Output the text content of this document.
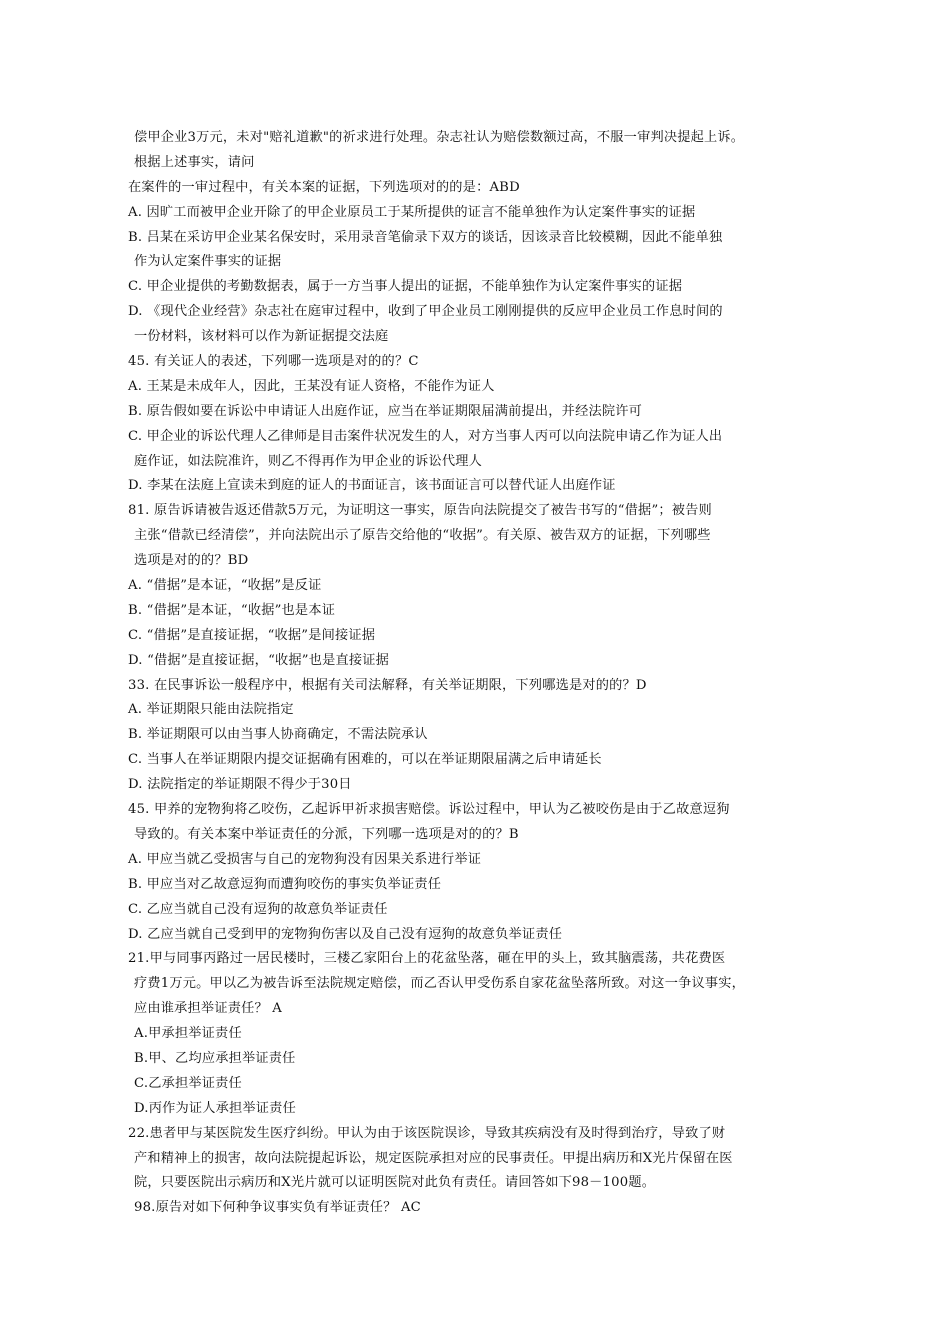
偿甲企业3万元，未对"赔礼道歉"的祈求进行处理。杂志社认为赔偿数额过高，不服一审判决提起上诉。
根据上述事实，请问
在案件的一审过程中，有关本案的证据，下列选项对的的是：ABD
A. 因旷工而被甲企业开除了的甲企业原员工于某所提供的证言不能单独作为认定案件事实的证据
B. 吕某在采访甲企业某名保安时，采用录音笔偷录下双方的谈话，因该录音比较模糊，因此不能单独
作为认定案件事实的证据
C. 甲企业提供的考勤数据表，属于一方当事人提出的证据，不能单独作为认定案件事实的证据
D. 《现代企业经营》杂志社在庭审过程中，收到了甲企业员工刚刚提供的反应甲企业员工作息时间的
一份材料，该材料可以作为新证据提交法庭
45. 有关证人的表述，下列哪一选项是对的的？C
A. 王某是未成年人，因此，王某没有证人资格，不能作为证人
B. 原告假如要在诉讼中申请证人出庭作证，应当在举证期限届满前提出，并经法院许可
C. 甲企业的诉讼代理人乙律师是目击案件状况发生的人，对方当事人丙可以向法院申请乙作为证人出
庭作证，如法院准许，则乙不得再作为甲企业的诉讼代理人
D. 李某在法庭上宣读未到庭的证人的书面证言，该书面证言可以替代证人出庭作证
81. 原告诉请被告返还借款5万元，为证明这一事实，原告向法院提交了被告书写的“借据”；被告则
主张“借款已经清偿”，并向法院出示了原告交给他的“收据”。有关原、被告双方的证据，下列哪些
选项是对的的？BD
A. “借据”是本证，“收据”是反证
B. “借据”是本证，“收据”也是本证
C. “借据”是直接证据，“收据”是间接证据
D. “借据”是直接证据，“收据”也是直接证据
33. 在民事诉讼一般程序中，根据有关司法解释，有关举证期限，下列哪选是对的的？D
A. 举证期限只能由法院指定
B. 举证期限可以由当事人协商确定，不需法院承认
C. 当事人在举证期限内提交证据确有困难的，可以在举证期限届满之后申请延长
D. 法院指定的举证期限不得少于30日
45. 甲养的宠物狗将乙咬伤，乙起诉甲祈求损害赔偿。诉讼过程中，甲认为乙被咬伤是由于乙故意逗狗
导致的。有关本案中举证责任的分派，下列哪一选项是对的的？B
A. 甲应当就乙受损害与自己的宠物狗没有因果关系进行举证
B. 甲应当对乙故意逗狗而遭狗咬伤的事实负举证责任
C. 乙应当就自己没有逗狗的故意负举证责任
D. 乙应当就自己受到甲的宠物狗伤害以及自己没有逗狗的故意负举证责任
21.甲与同事丙路过一居民楼时，三楼乙家阳台上的花盆坠落，砸在甲的头上，致其脑震荡，共花费医
疗费1万元。甲以乙为被告诉至法院规定赔偿，而乙否认甲受伤系自家花盆坠落所致。对这一争议事实，
应由谁承担举证责任？ A
A.甲承担举证责任
B.甲、乙均应承担举证责任
C.乙承担举证责任
D.丙作为证人承担举证责任
22.患者甲与某医院发生医疗纠纷。甲认为由于该医院误诊，导致其疾病没有及时得到治疗，导致了财
产和精神上的损害，故向法院提起诉讼，规定医院承担对应的民事责任。甲提出病历和X光片保留在医
院，只要医院出示病历和X光片就可以证明医院对此负有责任。请回答如下98－100题。
98.原告对如下何种争议事实负有举证责任？ AC
